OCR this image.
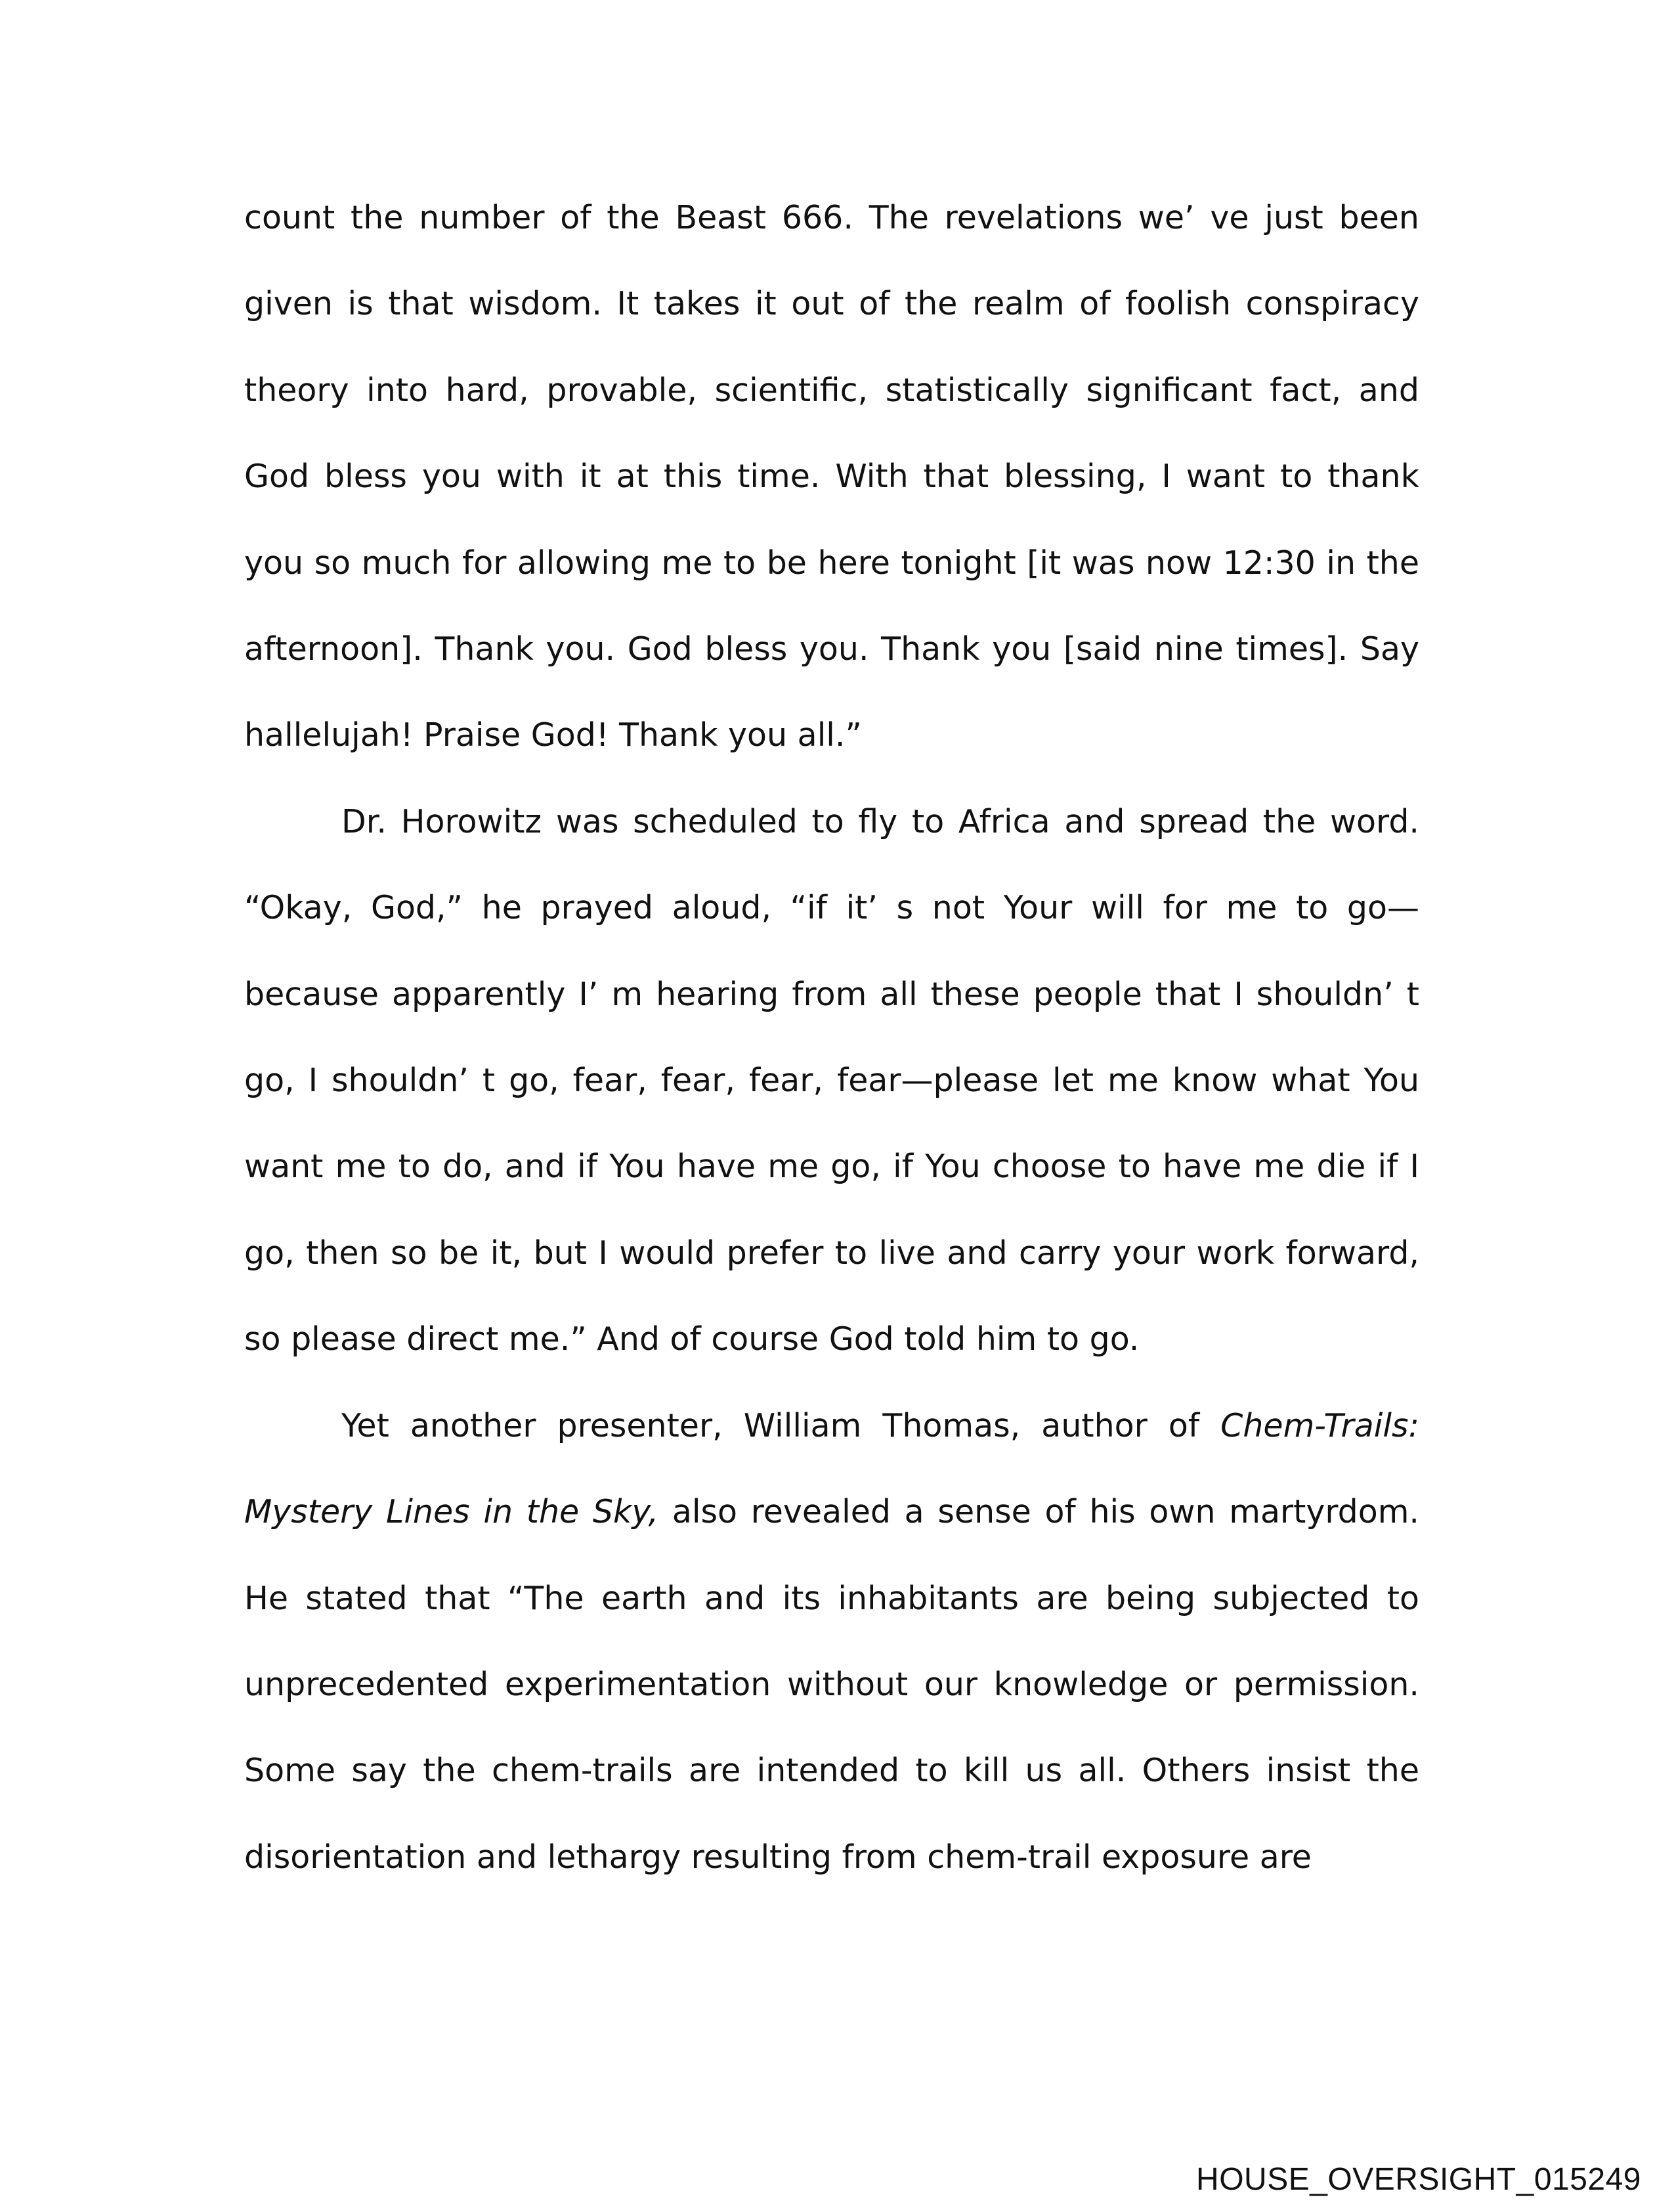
count the number of the Beast 666. The revelations we’ ve just been given is that wisdom. It takes it out of the realm of foolish conspiracy theory into hard, provable, scientific, statistically significant fact, and God bless you with it at this time. With that blessing, I want to thank you so much for allowing me to be here tonight [it was now 12:30 in the afternoon]. Thank you. God bless you. Thank you [said nine times]. Say hallelujah! Praise God! Thank you all.”

Dr. Horowitz was scheduled to fly to Africa and spread the word. “Okay, God,” he prayed aloud, “if it’ s not Your will for me to go—because apparently I’ m hearing from all these people that I shouldn’ t go, I shouldn’ t go, fear, fear, fear, fear—please let me know what You want me to do, and if You have me go, if You choose to have me die if I go, then so be it, but I would prefer to live and carry your work forward, so please direct me.” And of course God told him to go.

Yet another presenter, William Thomas, author of Chem-Trails: Mystery Lines in the Sky, also revealed a sense of his own martyrdom. He stated that “The earth and its inhabitants are being subjected to unprecedented experimentation without our knowledge or permission. Some say the chem-trails are intended to kill us all. Others insist the disorientation and lethargy resulting from chem-trail exposure are

HOUSE_OVERSIGHT_015249
